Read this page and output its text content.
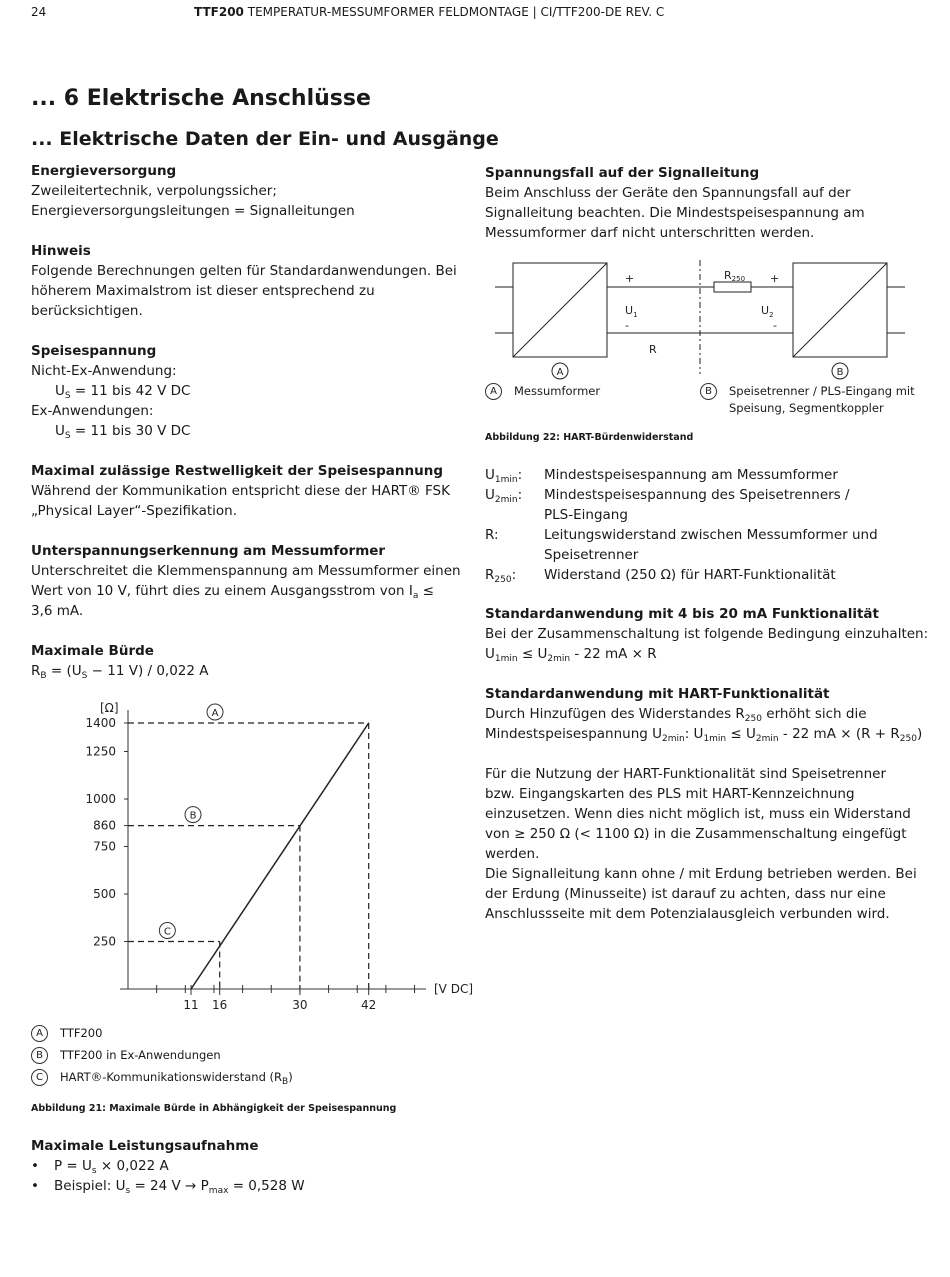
24	TTF200 TEMPERATUR-MESSUMFORMER FELDMONTAGE | CI/TTF200-DE REV. C
... 6 Elektrische Anschlüsse
... Elektrische Daten der Ein- und Ausgänge

Energieversorgung

Zweileitertechnik, verpolungssicher;

Energieversorgungsleitungen = Signalleitungen

Hinweis

Folgende Berechnungen gelten für Standardanwendungen. Bei

höherem Maximalstrom ist dieser entsprechend zu

berücksichtigen.

Speisespannung

Nicht-Ex-Anwendung:

$U_S = 11$ bis 42 V DC

Ex-Anwendungen:

$U_S = 11$ bis 30 V DC

Maximal zulässige Restwelligkeit der Speisespannung

Während der Kommunikation entspricht diese der HART® FSK

„Physical Layer“-Spezifikation.

Unterspannungserkennung am Messumformer

Unterschreitet die Klemmenspannung am Messumformer einen

Wert von 10 V, führt dies zu einem Ausgangsstrom von $I_a$ ≤

3,6 mA.

Maximale Bürde

$R_B = (U_S - 11$ V) / 0,022 A

250
500
750
860
1000
1250
1400
11 16	30	42
A
B
C
[Ω]
[V DC]
A TTF200
B TTF200 in Ex-Anwendungen
C HART®-Kommunikationswiderstand $(R_B)$
Abbildung 21: Maximale Bürde in Abhängigkeit der Speisespannung

Maximale Leistungsaufnahme

• $P = U_s \times 0,022$ A
• Beispiel: $U_s = 24$ $V \to P_{max} = 0,528$ W

Spannungsfall auf der Signalleitung

Beim Anschluss der Geräte den Spannungsfall auf der

Signalleitung beachten. Die Mindestspeisespannung am

Messumformer darf nicht unterschritten werden.

+
-
$U_1$
R250 +
-
$U_2$
R
A	B
A Messumformer	B Speisetrenner / PLS-Eingang mit
Speisung, Segmentkoppler
Abbildung 22: HART-Bürdenwiderstand
$U_{1min}$:	Mindestspeisespannung am Messumformer

$U_{2min}$:	Mindestspeisespannung des Speisetrenners /
PLS-Eingang

R:	Leitungswiderstand zwischen Messumformer und
Speisetrenner

$R_{250}$:	Widerstand (250 Ω) für HART-Funktionalität

Standardanwendung mit 4 bis 20 mA Funktionalität

Bei der Zusammenschaltung ist folgende Bedingung einzuhalten:

$U_{1min} \le U_{2min} - 22$ mA × R

Standardanwendung mit HART-Funktionalität

Durch Hinzufügen des Widerstandes $R_{250}$ erhöht sich die

Mindestspeisespannung $U_{2min}$: $U_{1min} \le U_{2min} - 22$ mA × $(R + R_{250})$

Für die Nutzung der HART-Funktionalität sind Speisetrenner

bzw. Eingangskarten des PLS mit HART-Kennzeichnung

einzusetzen. Wenn dies nicht möglich ist, muss ein Widerstand

von ≥ 250 Ω (< 1100 Ω) in die Zusammenschaltung eingefügt

werden.

Die Signalleitung kann ohne / mit Erdung betrieben werden. Bei

der Erdung (Minusseite) ist darauf zu achten, dass nur eine

Anschlussseite mit dem Potenzialausgleich verbunden wird.
